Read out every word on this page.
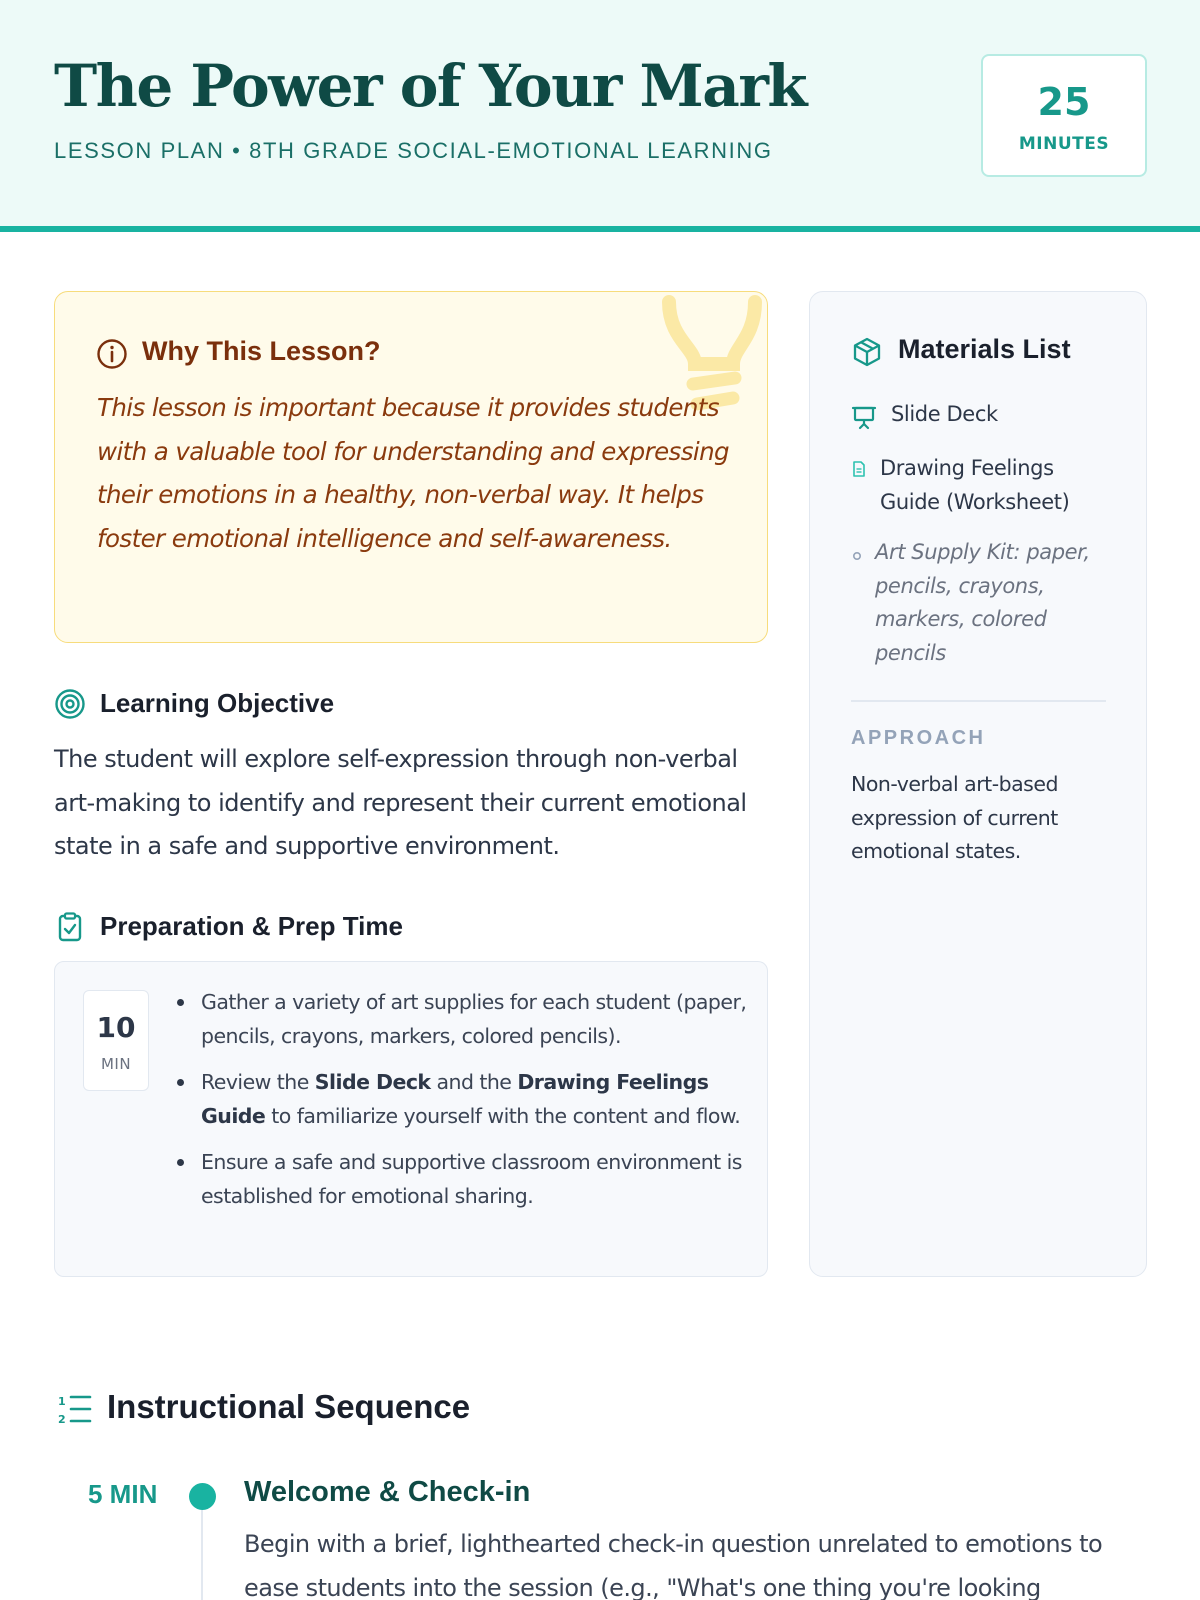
The Power of Your Mark
LESSON PLAN • 8TH GRADE SOCIAL-EMOTIONAL LEARNING
25
MINUTES
Why This Lesson?

This lesson is important because it provides students with a valuable tool for understanding and expressing their emotions in a healthy, non-verbal way. It helps foster emotional intelligence and self-awareness.

Learning Objective

The student will explore self-expression through non-verbal art-making to identify and represent their current emotional state in a safe and supportive environment.

Preparation & Prep Time
10
MIN
Gather a variety of art supplies for each student (paper, pencils, crayons, markers, colored pencils).
Review the Slide Deck and the Drawing Feelings Guide to familiarize yourself with the content and flow.
Ensure a safe and supportive classroom environment is established for emotional sharing.
Materials List
Slide Deck
Drawing Feelings Guide (Worksheet)
Art Supply Kit: paper, pencils, crayons, markers, colored pencils
APPROACH

Non-verbal art-based expression of current emotional states.

1
2 Instructional Sequence
5 MIN	Welcome & Check-in

Begin with a brief, lighthearted check-in question unrelated to emotions to ease students into the session (e.g., "What's one thing you're looking
